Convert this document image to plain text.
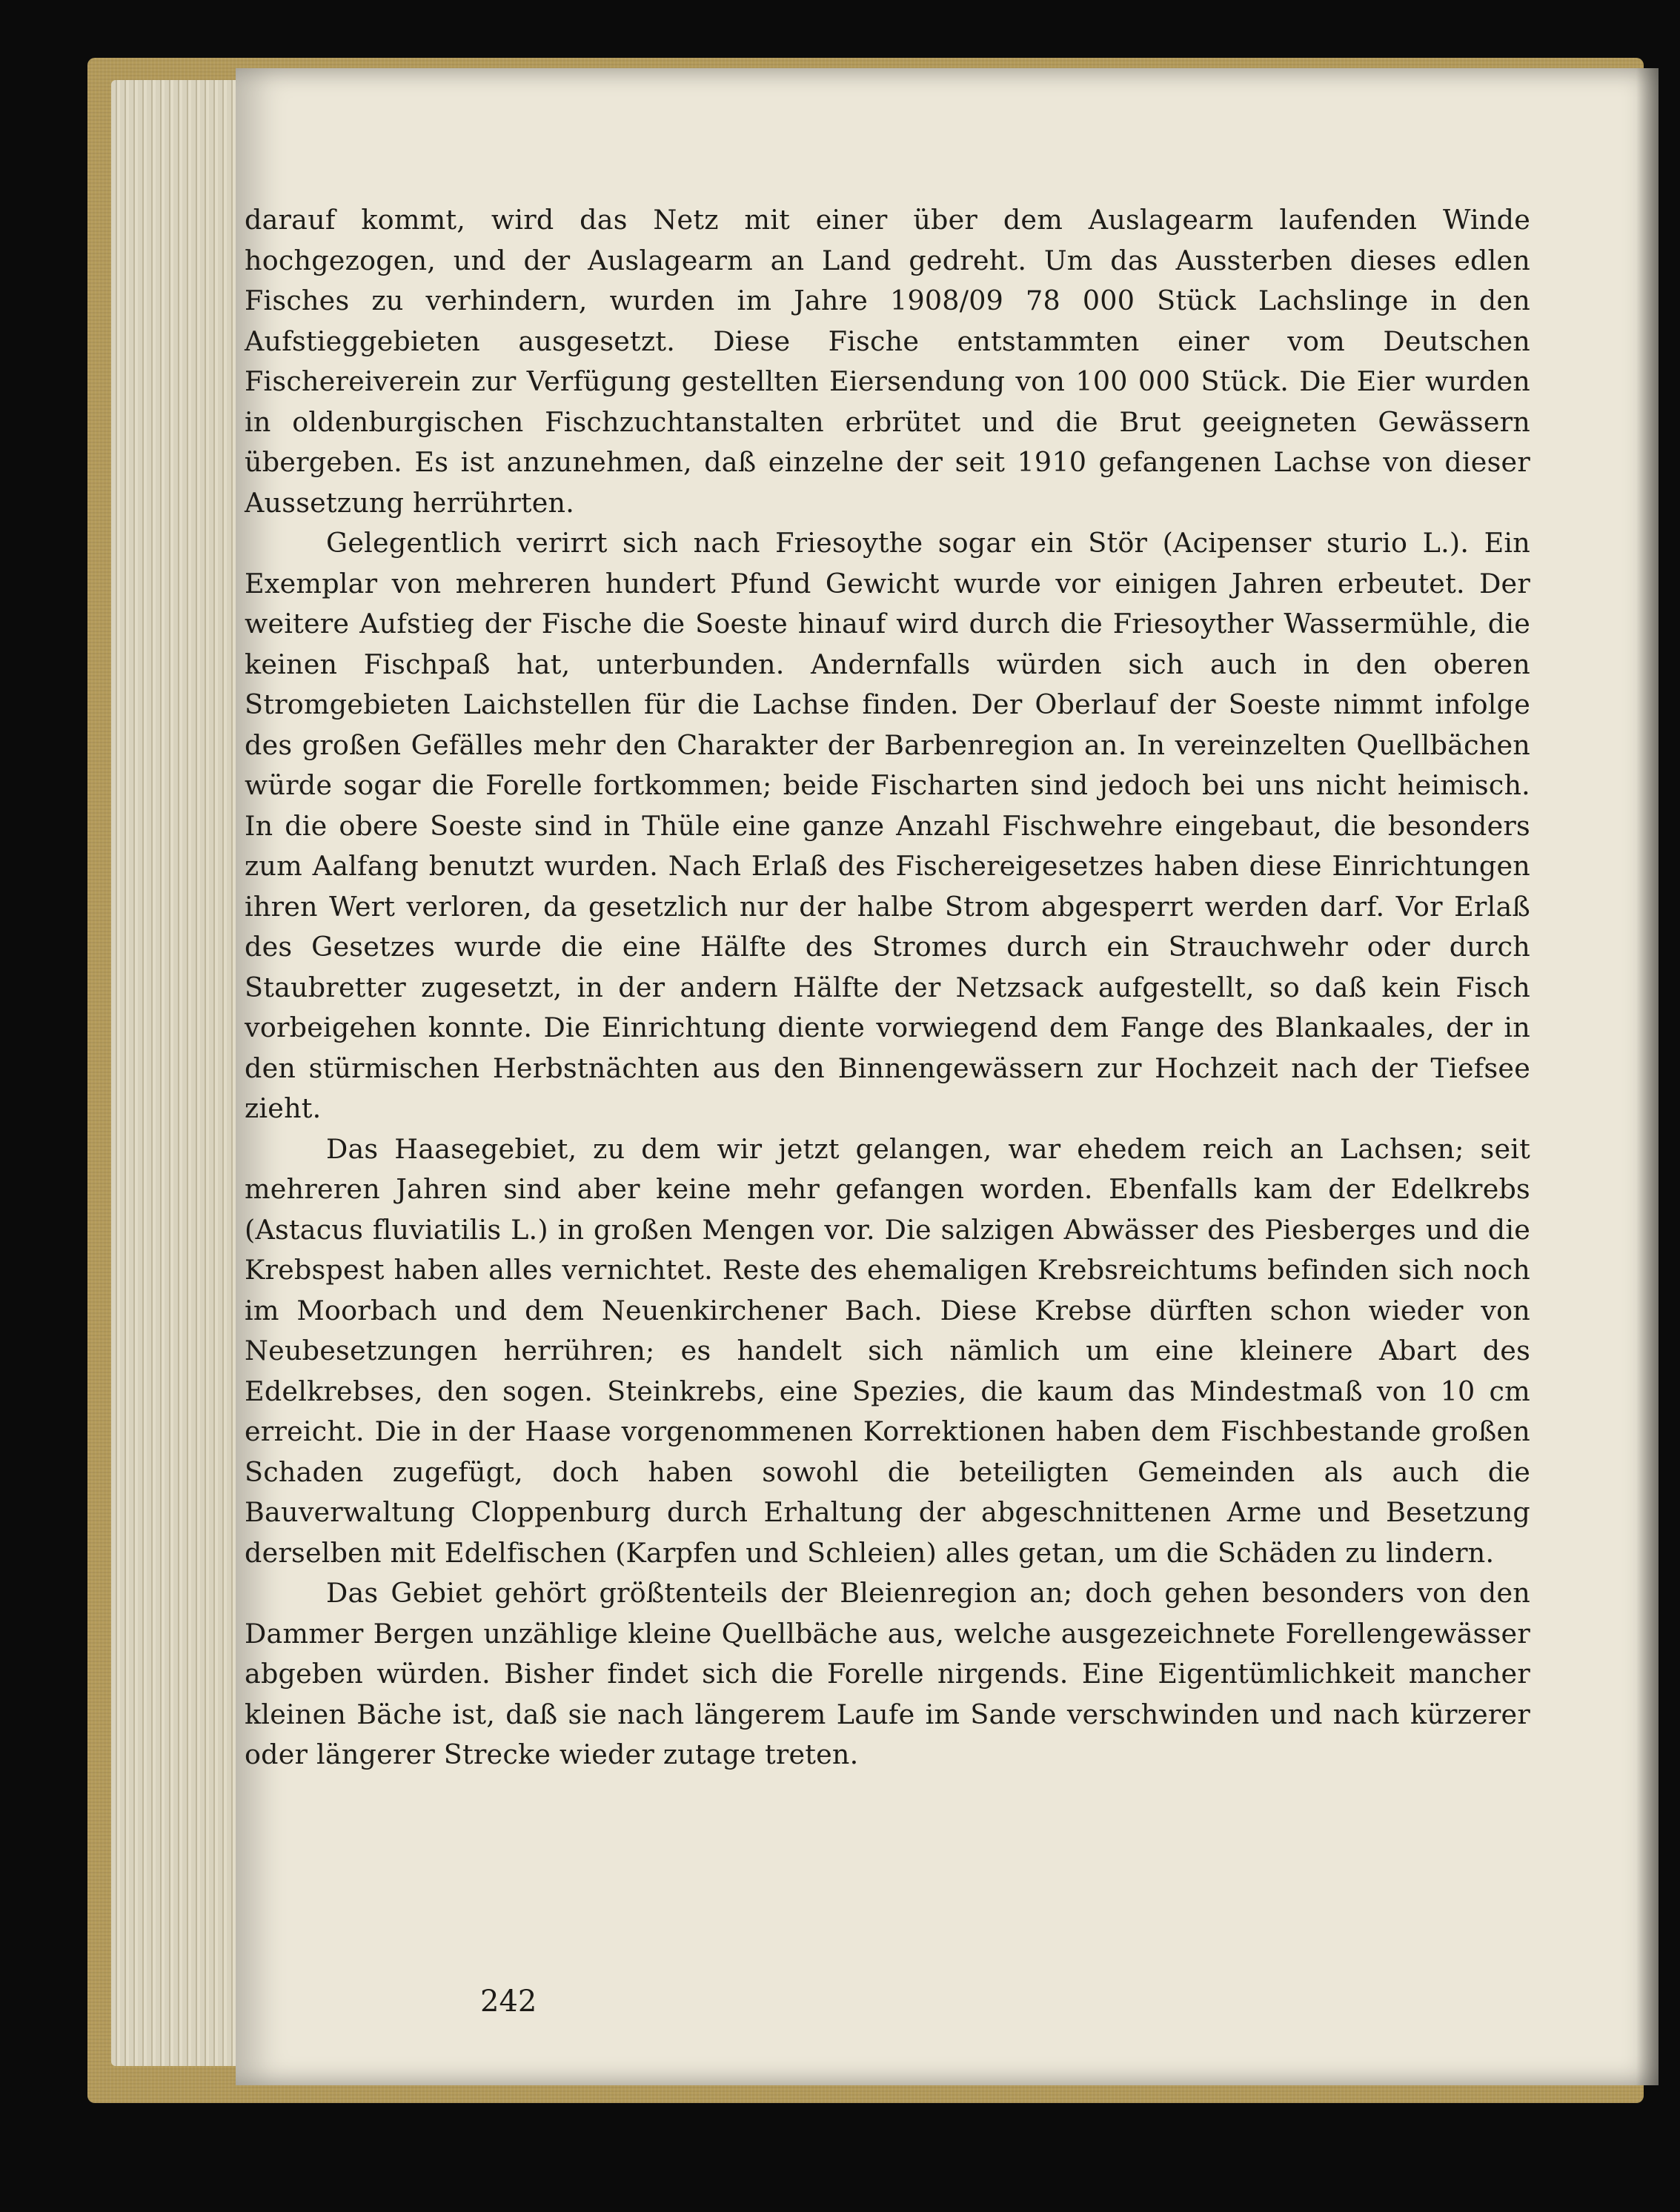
darauf kommt, wird das Netz mit einer über dem Auslagearm laufenden Winde hochgezogen, und der Auslagearm an Land gedreht. Um das Aussterben dieses edlen Fisches zu verhindern, wurden im Jahre 1908/09 78 000 Stück Lachslinge in den Aufstieggebieten ausgesetzt. Diese Fische entstammten einer vom Deutschen Fischereiverein zur Verfügung gestellten Eiersendung von 100 000 Stück. Die Eier wurden in oldenburgischen Fischzuchtanstalten erbrütet und die Brut geeigneten Gewässern übergeben. Es ist anzunehmen, daß einzelne der seit 1910 gefangenen Lachse von dieser Aussetzung herrührten.

Gelegentlich verirrt sich nach Friesoythe sogar ein Stör (Acipenser sturio L.). Ein Exemplar von mehreren hundert Pfund Gewicht wurde vor einigen Jahren erbeutet. Der weitere Aufstieg der Fische die Soeste hinauf wird durch die Friesoyther Wassermühle, die keinen Fischpaß hat, unterbunden. Andernfalls würden sich auch in den oberen Stromgebieten Laichstellen für die Lachse finden. Der Oberlauf der Soeste nimmt infolge des großen Gefälles mehr den Charakter der Barbenregion an. In vereinzelten Quellbächen würde sogar die Forelle fortkommen; beide Fischarten sind jedoch bei uns nicht heimisch. In die obere Soeste sind in Thüle eine ganze Anzahl Fischwehre eingebaut, die besonders zum Aalfang benutzt wurden. Nach Erlaß des Fischereigesetzes haben diese Einrichtungen ihren Wert verloren, da gesetzlich nur der halbe Strom abgesperrt werden darf. Vor Erlaß des Gesetzes wurde die eine Hälfte des Stromes durch ein Strauchwehr oder durch Staubretter zugesetzt, in der andern Hälfte der Netzsack aufgestellt, so daß kein Fisch vorbeigehen konnte. Die Einrichtung diente vorwiegend dem Fange des Blankaales, der in den stürmischen Herbstnächten aus den Binnengewässern zur Hochzeit nach der Tiefsee zieht.

Das Haasegebiet, zu dem wir jetzt gelangen, war ehedem reich an Lachsen; seit mehreren Jahren sind aber keine mehr gefangen worden. Ebenfalls kam der Edelkrebs (Astacus fluviatilis L.) in großen Mengen vor. Die salzigen Abwässer des Piesberges und die Krebspest haben alles vernichtet. Reste des ehemaligen Krebsreichtums befinden sich noch im Moorbach und dem Neuenkirchener Bach. Diese Krebse dürften schon wieder von Neubesetzungen herrühren; es handelt sich nämlich um eine kleinere Abart des Edelkrebses, den sogen. Steinkrebs, eine Spezies, die kaum das Mindestmaß von 10 cm erreicht. Die in der Haase vorgenommenen Korrektionen haben dem Fischbestande großen Schaden zugefügt, doch haben sowohl die beteiligten Gemeinden als auch die Bauverwaltung Cloppenburg durch Erhaltung der abgeschnittenen Arme und Besetzung derselben mit Edelfischen (Karpfen und Schleien) alles getan, um die Schäden zu lindern.

Das Gebiet gehört größtenteils der Bleienregion an; doch gehen besonders von den Dammer Bergen unzählige kleine Quellbäche aus, welche ausgezeichnete Forellengewässer abgeben würden. Bisher findet sich die Forelle nirgends. Eine Eigentümlichkeit mancher kleinen Bäche ist, daß sie nach längerem Laufe im Sande verschwinden und nach kürzerer oder längerer Strecke wieder zutage treten.

242
